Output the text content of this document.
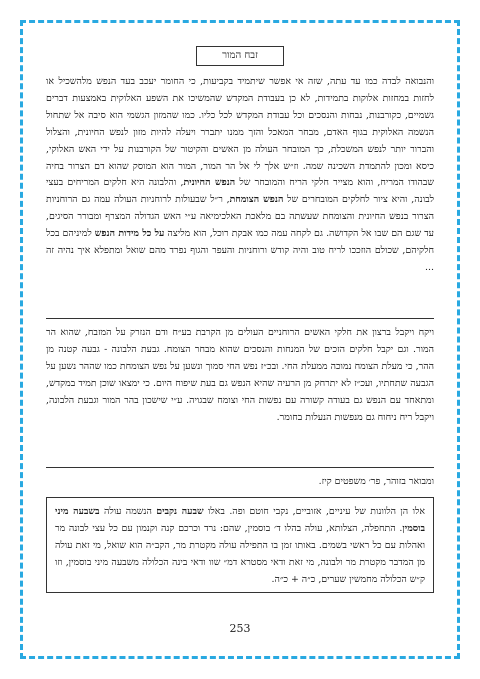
זבח המור

והנבואה לבדה כמו עד עתה, שזה אי אפשר שיתמיד בקביעות, כי החומר יעכב בעד הנפש מלהשכיל או לחזות במחזות אלוקות בתמידות, לא כן בעבודת המקדש שהמשיכו את השפע האלוקית באמצעות דברים גשמיים, כקורבנות, נבחות והנסכים וכל עבודת המקדש לכל כליו. כמו שהמזון הגשמי הוא סיבה אל שתחול הנשמה האלוקית בגוף האדם, מבחר המאכל והזך ממנו יתברר ויעלה להיות מזון לנפש החיונית, והצלול והברור יותר לנפש המשכלת, כך המובחר העולה מן האשים והקיטור של הקורבנות על ידי האש האלוקי, כיסא ומכון להתמדת השכינה שמה. וז״ש אלך לי אל הר המור, המור הוא המוסק שהוא דם הצרור בחיה שבהודו המריח, והוא מצייר חלקי הריח והמובחר של הנפש החיונית, והלבונה היא חלקים המריחים בעצי לבונה, והיא ציור לחלקים המובחרים של הנפש הצומחת, ר״ל שבעולות לרוחניות העולה עמה גם הרוחניות הצרור בנפש החיונית והצומחת שעשתה בם מלאכת האלכימיאה ע״י האש הגדולה המצרף ומבורר הסיגים, עד שגם הם שבו אל הקדושה. גם לקחה עמה כמו אבקת רוכל, הוא מליצה על כל מידות הנפש למיניהם בכל חלקיהם, שכולם הוזככו לריח טוב והיה קודש ורוחניות והעפר והגוף נפרד מהם שואל ומתפלא איך נהיה זה ...

ויקח ויקבל ברצון את חלקי האשים הרוחניים העולים מן הקרבת בע״ח ודם הנזרק על המזבח, שהוא הר המור. וגם יקבל חלקים הזכים של המנחות והנסכים שהוא מבחר הצומח. גבעת הלבונה - גבעה קטנה מן ההר, כי מעלת הצומח נמוכה ממעלת החי. ובכ״ז נפש החי סמוך ונשען על נפש הצומחת כמו שההר נשען על הגבעה שתחתיו, ועכ״ז לא יתרחק מן הרעיה שהיא הנפש גם בעת שיפוח היום. כי ימצאו שוכן תמיד במקדש, ומתאחד עם הנפש גם בעודה קשורה עם נפשות החי וצומח שבגויה. ע״י שישכון בהר המור וגבעת הלבונה, ויקבל ריח ניחוח גם מנפשות הנעלות בחומר.

ומבואר בזוהר, פר׳ משפטים קיז.

אלו הן הלוונות של עיניים, אזוביים, נקבי חוטם ופה. באלו שבעה נקבים הנשמה עולה בשבעה מיני בוסמין. התחפלה, הצלותא, עולה בהלו ד׳ בוסמין, שהם: נרד וכרכם קנה וקנמון עם כל עצי לבונה מר ואהלות עם כל ראשי בשמים. באותו זמן בו התפילה עולה מקטרת מר, הקב״ה הוא שואל, מי זאת עולה מן המדבר מקטרת מר ולבונה, מי זאת ודאי מסטרא דמ״ שוו ודאי בינה הכלולה משבעה מיני בוסמין, וזו ק״ש הכלולה מחמשין שערים, כ״ה + כ״ה.
253
